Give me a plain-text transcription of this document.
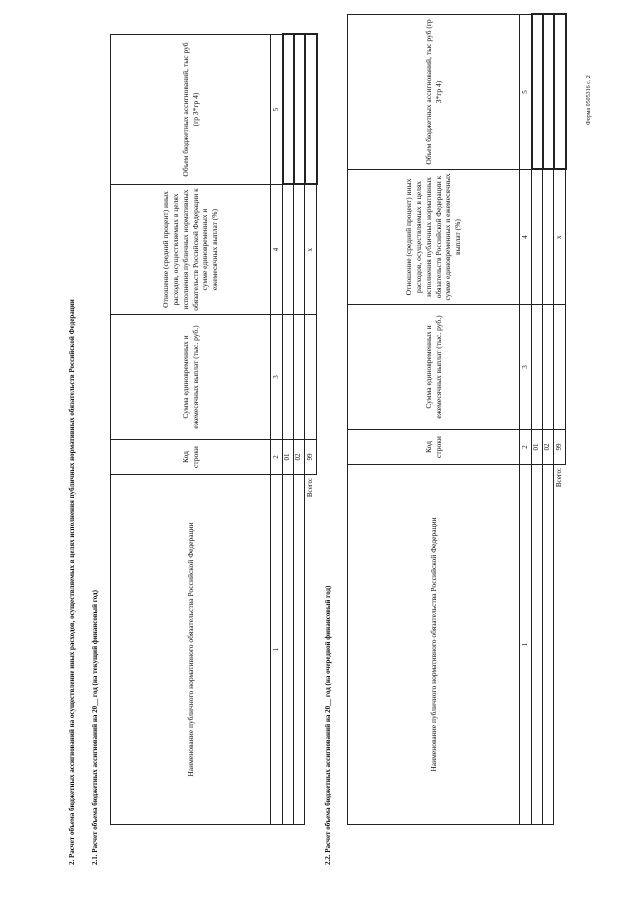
Форма 0505316 с. 2
2. Расчет объема бюджетных ассигнований на осуществление иных расходов, осуществляемых в целях исполнения публичных нормативных обязательств Российской Федерации 2.1. Расчет объема бюджетных ассигнований на 20__ год (на текущий финансовый год)	Наименование публичного нормативного обязательства Российской Федерации	Код строки	Сумма единовременных и ежемесячных выплат (тыс. руб.)	Отношение (средний процент) иных расходов, осуществляемых в целях исполнения публичных нормативных обязательств Российской Федерации к сумме единовременных и ежемесячных выплат (%)	Объем бюджетных ассигнований, тыс руб (гр 3*гр 4)
1	2	3	4	5
	01			
	02			
Всего:	99		x	
2.2. Расчет объема бюджетных ассигнований на 20__ год (на очередной финансовый год)	Наименование публичного нормативного обязательства Российской Федерации	Код строки	Сумма единовременных и ежемесячных выплат (тыс. руб.)	Отношение (средний процент) иных расходов, осуществляемых в целях исполнения публичных нормативных обязательств Российской Федерации к сумме единовременных и ежемесячных выплат (%)	Объем бюджетных ассигнований, тыс руб (гр 3*гр 4)
1	2	3	4	5
	01			
	02			
Всего:	99		x	
